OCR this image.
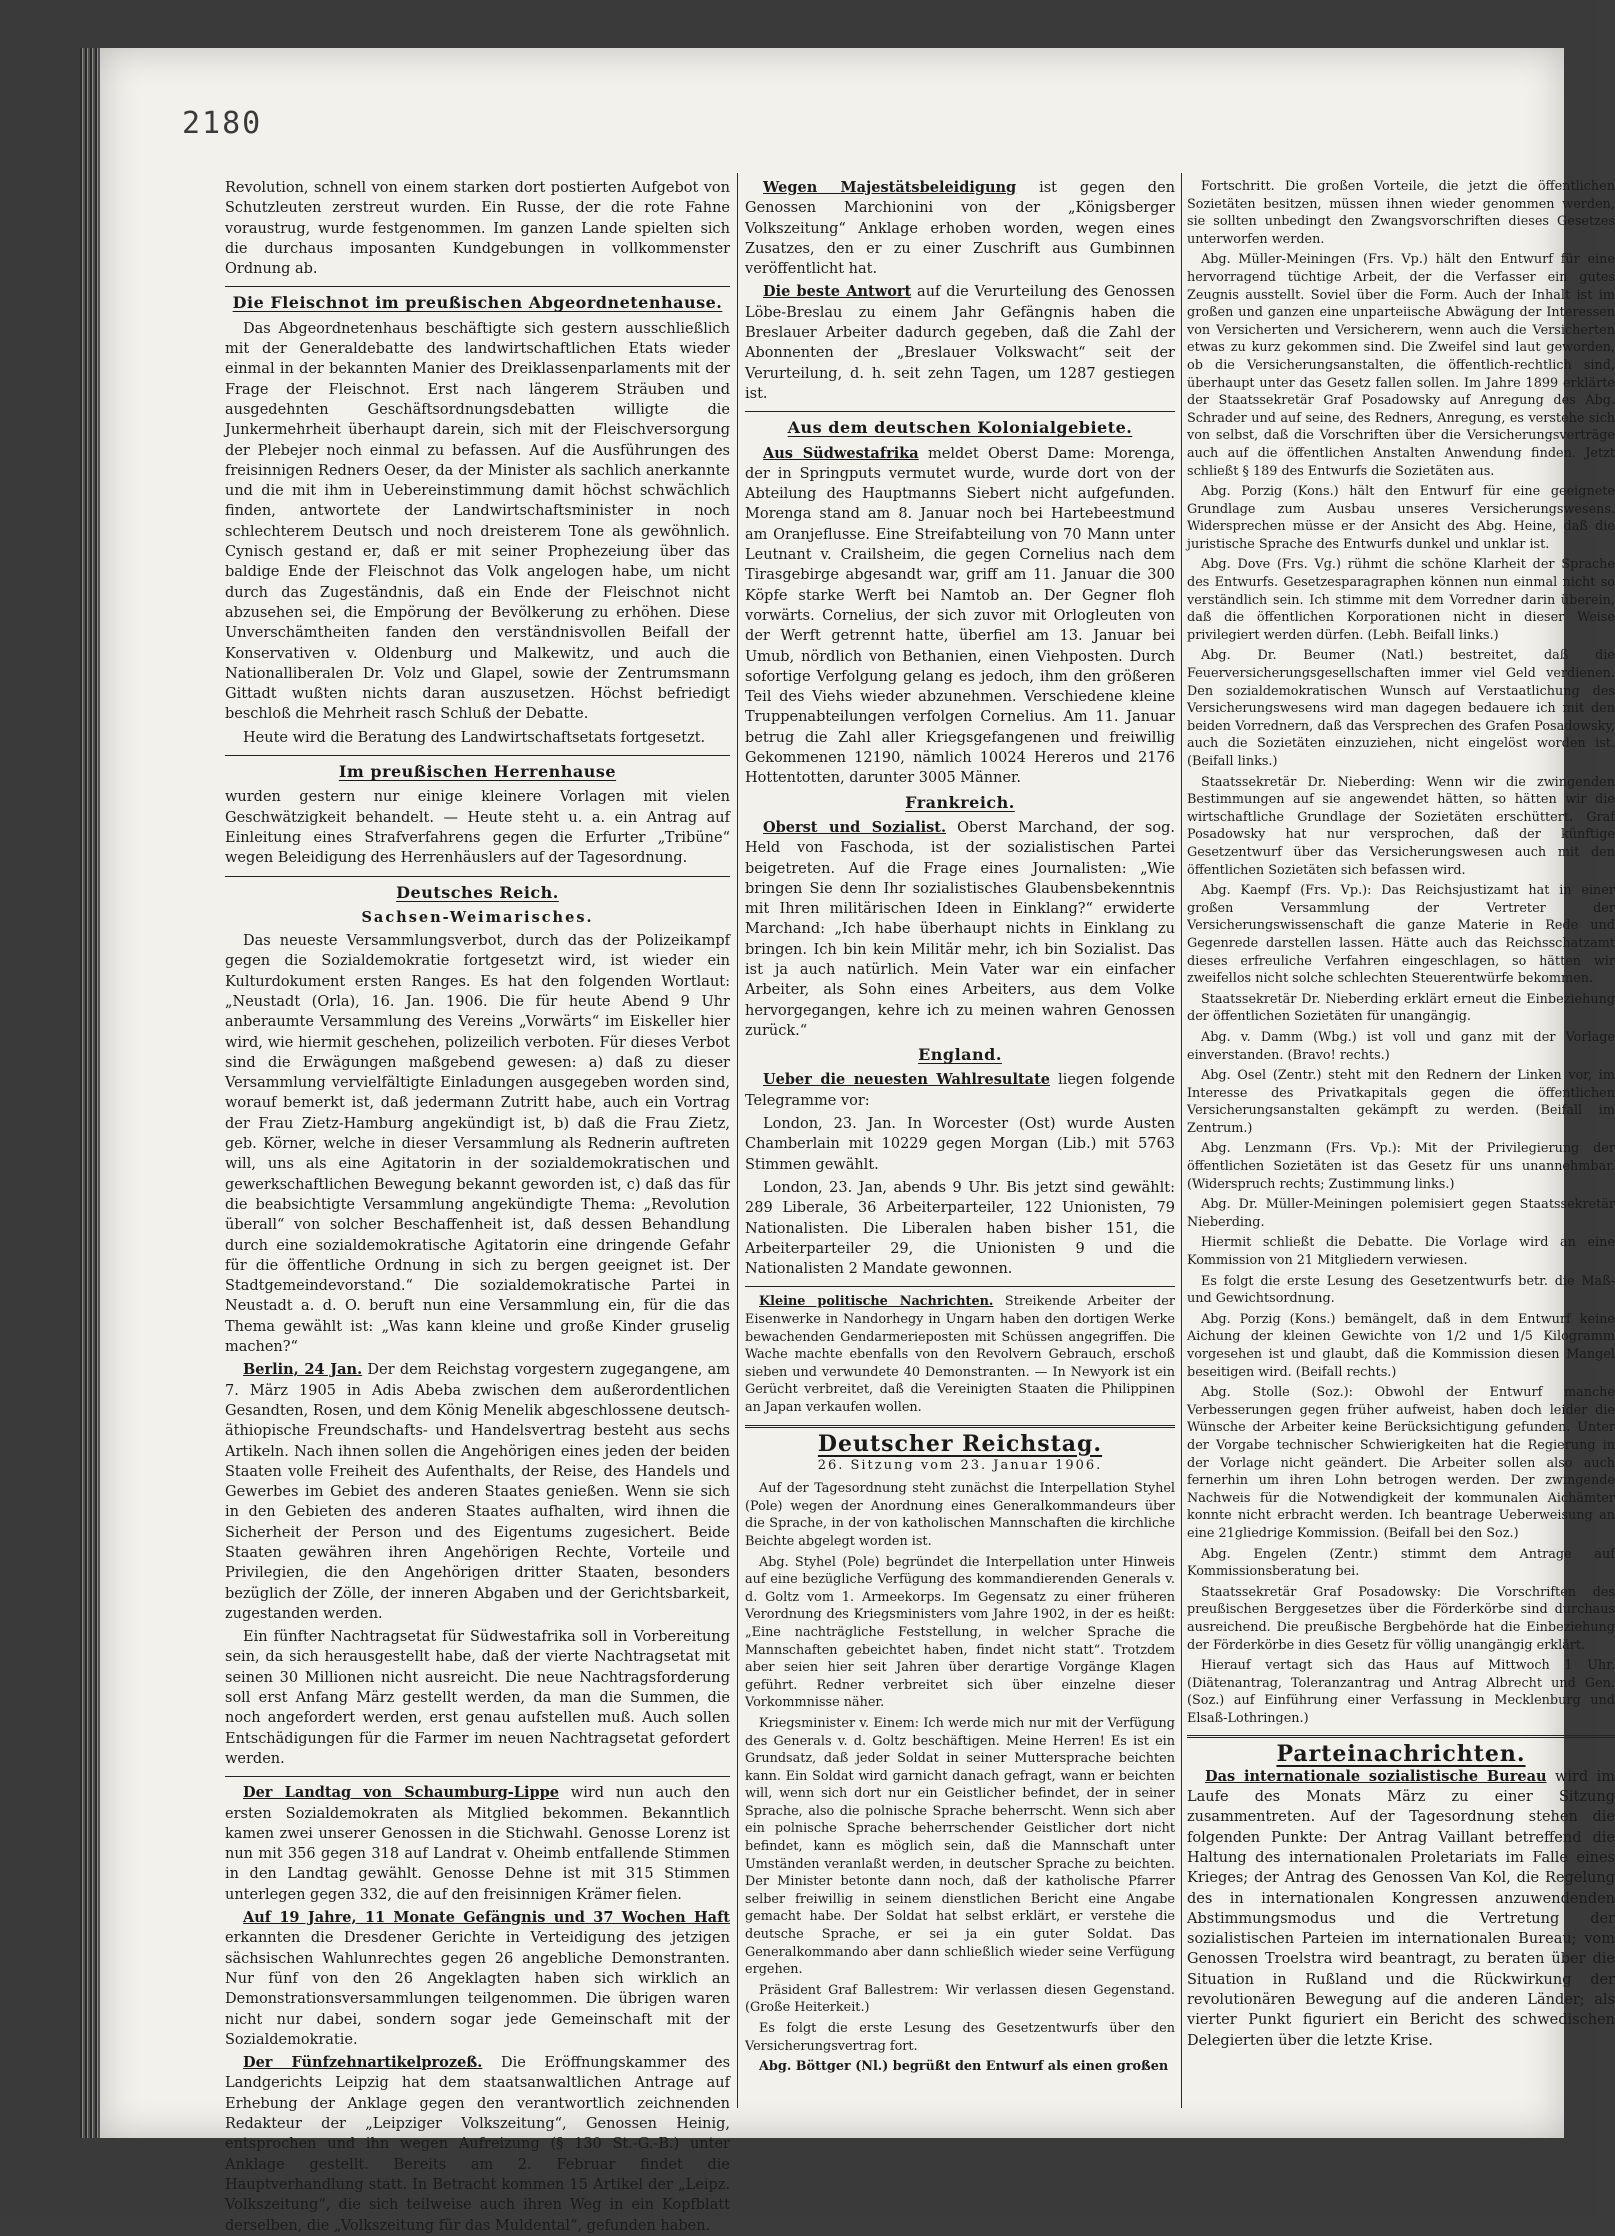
2180

Revolution, schnell von einem starken dort postierten Aufgebot von Schutzleuten zerstreut wurden. Ein Russe, der die rote Fahne voraustrug, wurde festgenommen. Im ganzen Lande spielten sich die durchaus imposanten Kundgebungen in vollkommenster Ordnung ab.

Die Fleischnot im preußischen Abgeordnetenhause.

Das Abgeordnetenhaus beschäftigte sich gestern ausschließlich mit der Generaldebatte des landwirtschaftlichen Etats wieder einmal in der bekannten Manier des Dreiklassenparlaments mit der Frage der Fleischnot. Erst nach längerem Sträuben und ausgedehnten Geschäftsordnungsdebatten willigte die Junkermehrheit überhaupt darein, sich mit der Fleischversorgung der Plebejer noch einmal zu befassen. Auf die Ausführungen des freisinnigen Redners Oeser, da der Minister als sachlich anerkannte und die mit ihm in Uebereinstimmung damit höchst schwächlich finden, antwortete der Landwirtschaftsminister in noch schlechterem Deutsch und noch dreisterem Tone als gewöhnlich. Cynisch gestand er, daß er mit seiner Prophezeiung über das baldige Ende der Fleischnot das Volk angelogen habe, um nicht durch das Zugeständnis, daß ein Ende der Fleischnot nicht abzusehen sei, die Empörung der Bevölkerung zu erhöhen. Diese Unverschämtheiten fanden den verständnisvollen Beifall der Konservativen v. Oldenburg und Malkewitz, und auch die Nationalliberalen Dr. Volz und Glapel, sowie der Zentrumsmann Gittadt wußten nichts daran auszusetzen. Höchst befriedigt beschloß die Mehrheit rasch Schluß der Debatte.

Heute wird die Beratung des Landwirtschaftsetats fortgesetzt.

Im preußischen Herrenhause

wurden gestern nur einige kleinere Vorlagen mit vielen Geschwätzigkeit behandelt. — Heute steht u. a. ein Antrag auf Einleitung eines Strafverfahrens gegen die Erfurter „Tribüne“ wegen Beleidigung des Herrenhäuslers auf der Tagesordnung.

Deutsches Reich.
Sachsen-Weimarisches.

Das neueste Versammlungsverbot, durch das der Polizeikampf gegen die Sozialdemokratie fortgesetzt wird, ist wieder ein Kulturdokument ersten Ranges. Es hat den folgenden Wortlaut: „Neustadt (Orla), 16. Jan. 1906. Die für heute Abend 9 Uhr anberaumte Versammlung des Vereins „Vorwärts“ im Eiskeller hier wird, wie hiermit geschehen, polizeilich verboten. Für dieses Verbot sind die Erwägungen maßgebend gewesen: a) daß zu dieser Versammlung vervielfältigte Einladungen ausgegeben worden sind, worauf bemerkt ist, daß jedermann Zutritt habe, auch ein Vortrag der Frau Zietz-Hamburg angekündigt ist, b) daß die Frau Zietz, geb. Körner, welche in dieser Versammlung als Rednerin auftreten will, uns als eine Agitatorin in der sozialdemokratischen und gewerkschaftlichen Bewegung bekannt geworden ist, c) daß das für die beabsichtigte Versammlung angekündigte Thema: „Revolution überall“ von solcher Beschaffenheit ist, daß dessen Behandlung durch eine sozialdemokratische Agitatorin eine dringende Gefahr für die öffentliche Ordnung in sich zu bergen geeignet ist. Der Stadtgemeindevorstand.“ Die sozialdemokratische Partei in Neustadt a. d. O. beruft nun eine Versammlung ein, für die das Thema gewählt ist: „Was kann kleine und große Kinder gruselig machen?“

Berlin, 24 Jan. Der dem Reichstag vorgestern zugegangene, am 7. März 1905 in Adis Abeba zwischen dem außerordentlichen Gesandten, Rosen, und dem König Menelik abgeschlossene deutsch-äthiopische Freundschafts- und Handelsvertrag besteht aus sechs Artikeln. Nach ihnen sollen die Angehörigen eines jeden der beiden Staaten volle Freiheit des Aufenthalts, der Reise, des Handels und Gewerbes im Gebiet des anderen Staates genießen. Wenn sie sich in den Gebieten des anderen Staates aufhalten, wird ihnen die Sicherheit der Person und des Eigentums zugesichert. Beide Staaten gewähren ihren Angehörigen Rechte, Vorteile und Privilegien, die den Angehörigen dritter Staaten, besonders bezüglich der Zölle, der inneren Abgaben und der Gerichtsbarkeit, zugestanden werden.

Ein fünfter Nachtragsetat für Südwestafrika soll in Vorbereitung sein, da sich herausgestellt habe, daß der vierte Nachtragsetat mit seinen 30 Millionen nicht ausreicht. Die neue Nachtragsforderung soll erst Anfang März gestellt werden, da man die Summen, die noch angefordert werden, erst genau aufstellen muß. Auch sollen Entschädigungen für die Farmer im neuen Nachtragsetat gefordert werden.

Der Landtag von Schaumburg-Lippe wird nun auch den ersten Sozialdemokraten als Mitglied bekommen. Bekanntlich kamen zwei unserer Genossen in die Stichwahl. Genosse Lorenz ist nun mit 356 gegen 318 auf Landrat v. Oheimb entfallende Stimmen in den Landtag gewählt. Genosse Dehne ist mit 315 Stimmen unterlegen gegen 332, die auf den freisinnigen Krämer fielen.

Auf 19 Jahre, 11 Monate Gefängnis und 37 Wochen Haft erkannten die Dresdener Gerichte in Verteidigung des jetzigen sächsischen Wahlunrechtes gegen 26 angebliche Demonstranten. Nur fünf von den 26 Angeklagten haben sich wirklich an Demonstrationsversammlungen teilgenommen. Die übrigen waren nicht nur dabei, sondern sogar jede Gemeinschaft mit der Sozialdemokratie.

Der Fünfzehnartikelprozeß. Die Eröffnungskammer des Landgerichts Leipzig hat dem staatsanwaltlichen Antrage auf Erhebung der Anklage gegen den verantwortlich zeichnenden Redakteur der „Leipziger Volkszeitung“, Genossen Heinig, entsprochen und ihn wegen Aufreizung (§ 130 St.-G.-B.) unter Anklage gestellt. Bereits am 2. Februar findet die Hauptverhandlung statt. In Betracht kommen 15 Artikel der „Leipz. Volkszeitung“, die sich teilweise auch ihren Weg in ein Kopfblatt derselben, die „Volkszeitung für das Muldental“, gefunden haben.

Wegen Majestätsbeleidigung ist gegen den Genossen Marchionini von der „Königsberger Volkszeitung“ Anklage erhoben worden, wegen eines Zusatzes, den er zu einer Zuschrift aus Gumbinnen veröffentlicht hat.

Die beste Antwort auf die Verurteilung des Genossen Löbe-Breslau zu einem Jahr Gefängnis haben die Breslauer Arbeiter dadurch gegeben, daß die Zahl der Abonnenten der „Breslauer Volkswacht“ seit der Verurteilung, d. h. seit zehn Tagen, um 1287 gestiegen ist.

Aus dem deutschen Kolonialgebiete.

Aus Südwestafrika meldet Oberst Dame: Morenga, der in Springputs vermutet wurde, wurde dort von der Abteilung des Hauptmanns Siebert nicht aufgefunden. Morenga stand am 8. Januar noch bei Hartebeestmund am Oranjeflusse. Eine Streifabteilung von 70 Mann unter Leutnant v. Crailsheim, die gegen Cornelius nach dem Tirasgebirge abgesandt war, griff am 11. Januar die 300 Köpfe starke Werft bei Namtob an. Der Gegner floh vorwärts. Cornelius, der sich zuvor mit Orlogleuten von der Werft getrennt hatte, überfiel am 13. Januar bei Umub, nördlich von Bethanien, einen Viehposten. Durch sofortige Verfolgung gelang es jedoch, ihm den größeren Teil des Viehs wieder abzunehmen. Verschiedene kleine Truppenabteilungen verfolgen Cornelius. Am 11. Januar betrug die Zahl aller Kriegsgefangenen und freiwillig Gekommenen 12190, nämlich 10024 Hereros und 2176 Hottentotten, darunter 3005 Männer.

Frankreich.

Oberst und Sozialist. Oberst Marchand, der sog. Held von Faschoda, ist der sozialistischen Partei beigetreten. Auf die Frage eines Journalisten: „Wie bringen Sie denn Ihr sozialistisches Glaubensbekenntnis mit Ihren militärischen Ideen in Einklang?“ erwiderte Marchand: „Ich habe überhaupt nichts in Einklang zu bringen. Ich bin kein Militär mehr, ich bin Sozialist. Das ist ja auch natürlich. Mein Vater war ein einfacher Arbeiter, als Sohn eines Arbeiters, aus dem Volke hervorgegangen, kehre ich zu meinen wahren Genossen zurück.“

England.

Ueber die neuesten Wahlresultate liegen folgende Telegramme vor:

London, 23. Jan. In Worcester (Ost) wurde Austen Chamberlain mit 10229 gegen Morgan (Lib.) mit 5763 Stimmen gewählt.

London, 23. Jan, abends 9 Uhr. Bis jetzt sind gewählt: 289 Liberale, 36 Arbeiterparteiler, 122 Unionisten, 79 Nationalisten. Die Liberalen haben bisher 151, die Arbeiterparteiler 29, die Unionisten 9 und die Nationalisten 2 Mandate gewonnen.

Kleine politische Nachrichten. Streikende Arbeiter der Eisenwerke in Nandorhegy in Ungarn haben den dortigen Werke bewachenden Gendarmerieposten mit Schüssen angegriffen. Die Wache machte ebenfalls von den Revolvern Gebrauch, erschoß sieben und verwundete 40 Demonstranten. — In Newyork ist ein Gerücht verbreitet, daß die Vereinigten Staaten die Philippinen an Japan verkaufen wollen.

Deutscher Reichstag.
26. Sitzung vom 23. Januar 1906.

Auf der Tagesordnung steht zunächst die Interpellation Styhel (Pole) wegen der Anordnung eines Generalkommandeurs über die Sprache, in der von katholischen Mannschaften die kirchliche Beichte abgelegt worden ist.

Abg. Styhel (Pole) begründet die Interpellation unter Hinweis auf eine bezügliche Verfügung des kommandierenden Generals v. d. Goltz vom 1. Armeekorps. Im Gegensatz zu einer früheren Verordnung des Kriegsministers vom Jahre 1902, in der es heißt: „Eine nachträgliche Feststellung, in welcher Sprache die Mannschaften gebeichtet haben, findet nicht statt“. Trotzdem aber seien hier seit Jahren über derartige Vorgänge Klagen geführt. Redner verbreitet sich über einzelne dieser Vorkommnisse näher.

Kriegsminister v. Einem: Ich werde mich nur mit der Verfügung des Generals v. d. Goltz beschäftigen. Meine Herren! Es ist ein Grundsatz, daß jeder Soldat in seiner Muttersprache beichten kann. Ein Soldat wird garnicht danach gefragt, wann er beichten will, wenn sich dort nur ein Geistlicher befindet, der in seiner Sprache, also die polnische Sprache beherrscht. Wenn sich aber ein polnische Sprache beherrschender Geistlicher dort nicht befindet, kann es möglich sein, daß die Mannschaft unter Umständen veranlaßt werden, in deutscher Sprache zu beichten. Der Minister betonte dann noch, daß der katholische Pfarrer selber freiwillig in seinem dienstlichen Bericht eine Angabe gemacht habe. Der Soldat hat selbst erklärt, er verstehe die deutsche Sprache, er sei ja ein guter Soldat. Das Generalkommando aber dann schließlich wieder seine Verfügung ergehen.

Präsident Graf Ballestrem: Wir verlassen diesen Gegenstand. (Große Heiterkeit.)

Es folgt die erste Lesung des Gesetzentwurfs über den Versicherungsvertrag fort.

Abg. Böttger (Nl.) begrüßt den Entwurf als einen großen

Fortschritt. Die großen Vorteile, die jetzt die öffentlichen Sozietäten besitzen, müssen ihnen wieder genommen werden, sie sollten unbedingt den Zwangsvorschriften dieses Gesetzes unterworfen werden.

Abg. Müller-Meiningen (Frs. Vp.) hält den Entwurf für eine hervorragend tüchtige Arbeit, der die Verfasser ein gutes Zeugnis ausstellt. Soviel über die Form. Auch der Inhalt ist im großen und ganzen eine unparteiische Abwägung der Interessen von Versicherten und Versicherern, wenn auch die Versicherten etwas zu kurz gekommen sind. Die Zweifel sind laut geworden, ob die Versicherungsanstalten, die öffentlich-rechtlich sind, überhaupt unter das Gesetz fallen sollen. Im Jahre 1899 erklärte der Staatssekretär Graf Posadowsky auf Anregung des Abg. Schrader und auf seine, des Redners, Anregung, es verstehe sich von selbst, daß die Vorschriften über die Versicherungsverträge auch auf die öffentlichen Anstalten Anwendung finden. Jetzt schließt § 189 des Entwurfs die Sozietäten aus.

Abg. Porzig (Kons.) hält den Entwurf für eine geeignete Grundlage zum Ausbau unseres Versicherungswesens. Widersprechen müsse er der Ansicht des Abg. Heine, daß die juristische Sprache des Entwurfs dunkel und unklar ist.

Abg. Dove (Frs. Vg.) rühmt die schöne Klarheit der Sprache des Entwurfs. Gesetzesparagraphen können nun einmal nicht so verständlich sein. Ich stimme mit dem Vorredner darin überein, daß die öffentlichen Korporationen nicht in dieser Weise privilegiert werden dürfen. (Lebh. Beifall links.)

Abg. Dr. Beumer (Natl.) bestreitet, daß die Feuerversicherungsgesellschaften immer viel Geld verdienen. Den sozialdemokratischen Wunsch auf Verstaatlichung des Versicherungswesens wird man dagegen bedauere ich mit den beiden Vorrednern, daß das Versprechen des Grafen Posadowsky, auch die Sozietäten einzuziehen, nicht eingelöst worden ist. (Beifall links.)

Staatssekretär Dr. Nieberding: Wenn wir die zwingenden Bestimmungen auf sie angewendet hätten, so hätten wir die wirtschaftliche Grundlage der Sozietäten erschüttert. Graf Posadowsky hat nur versprochen, daß der künftige Gesetzentwurf über das Versicherungswesen auch mit den öffentlichen Sozietäten sich befassen wird.

Abg. Kaempf (Frs. Vp.): Das Reichsjustizamt hat in einer großen Versammlung der Vertreter der Versicherungswissenschaft die ganze Materie in Rede und Gegenrede darstellen lassen. Hätte auch das Reichsschatzamt dieses erfreuliche Verfahren eingeschlagen, so hätten wir zweifellos nicht solche schlechten Steuerentwürfe bekommen.

Staatssekretär Dr. Nieberding erklärt erneut die Einbeziehung der öffentlichen Sozietäten für unangängig.

Abg. v. Damm (Wbg.) ist voll und ganz mit der Vorlage einverstanden. (Bravo! rechts.)

Abg. Osel (Zentr.) steht mit den Rednern der Linken vor, im Interesse des Privatkapitals gegen die öffentlichen Versicherungsanstalten gekämpft zu werden. (Beifall im Zentrum.)

Abg. Lenzmann (Frs. Vp.): Mit der Privilegierung der öffentlichen Sozietäten ist das Gesetz für uns unannehmbar. (Widerspruch rechts; Zustimmung links.)

Abg. Dr. Müller-Meiningen polemisiert gegen Staatssekretär Nieberding.

Hiermit schließt die Debatte. Die Vorlage wird an eine Kommission von 21 Mitgliedern verwiesen.

Es folgt die erste Lesung des Gesetzentwurfs betr. die Maß- und Gewichtsordnung.

Abg. Porzig (Kons.) bemängelt, daß in dem Entwurf keine Aichung der kleinen Gewichte von 1/2 und 1/5 Kilogramm vorgesehen ist und glaubt, daß die Kommission diesen Mangel beseitigen wird. (Beifall rechts.)

Abg. Stolle (Soz.): Obwohl der Entwurf manche Verbesserungen gegen früher aufweist, haben doch leider die Wünsche der Arbeiter keine Berücksichtigung gefunden. Unter der Vorgabe technischer Schwierigkeiten hat die Regierung in der Vorlage nicht geändert. Die Arbeiter sollen also auch fernerhin um ihren Lohn betrogen werden. Der zwingende Nachweis für die Notwendigkeit der kommunalen Aichämter konnte nicht erbracht werden. Ich beantrage Ueberweisung an eine 21gliedrige Kommission. (Beifall bei den Soz.)

Abg. Engelen (Zentr.) stimmt dem Antrage auf Kommissionsberatung bei.

Staatssekretär Graf Posadowsky: Die Vorschriften des preußischen Berggesetzes über die Förderkörbe sind durchaus ausreichend. Die preußische Bergbehörde hat die Einbeziehung der Förderkörbe in dies Gesetz für völlig unangängig erklärt.

Hierauf vertagt sich das Haus auf Mittwoch 1 Uhr. (Diätenantrag, Toleranzantrag und Antrag Albrecht und Gen. (Soz.) auf Einführung einer Verfassung in Mecklenburg und Elsaß-Lothringen.)

Parteinachrichten.

Das internationale sozialistische Bureau wird im Laufe des Monats März zu einer Sitzung zusammentreten. Auf der Tagesordnung stehen die folgenden Punkte: Der Antrag Vaillant betreffend die Haltung des internationalen Proletariats im Falle eines Krieges; der Antrag des Genossen Van Kol, die Regelung des in internationalen Kongressen anzuwendenden Abstimmungsmodus und die Vertretung der sozialistischen Parteien im internationalen Bureau; vom Genossen Troelstra wird beantragt, zu beraten über die Situation in Rußland und die Rückwirkung der revolutionären Bewegung auf die anderen Länder; als vierter Punkt figuriert ein Bericht des schwedischen Delegierten über die letzte Krise.
